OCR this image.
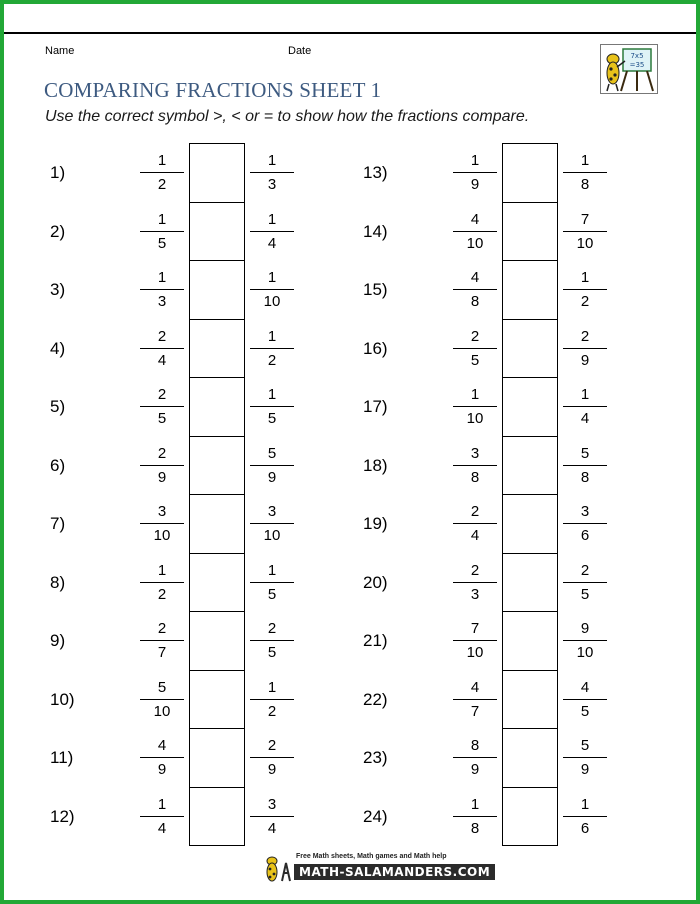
Name	Date	7x5
=35
COMPARING FRACTIONS SHEET 1
Use the correct symbol >, < or = to show how the fractions compare.
1)
1
2
1
3
2)
1
5
1
4
3)
1
3
1
10
4)
2
4
1
2
5)
2
5
1
5
6)
2
9
5
9
7)
3
10
3
10
8)
1
2
1
5
9)
2
7
2
5
10)
5
10
1
2
11)
4
9
2
9
12)
1
4
3
4
13)
1
9
1
8
14)
4
10
7
10
15)
4
8
1
2
16)
2
5
2
9
17)
1
10
1
4
18)
3
8
5
8
19)
2
4
3
6
20)
2
3
2
5
21)
7
10
9
10
22)
4
7
4
5
23)
8
9
5
9
24)
1
8
1
6
Free Math sheets, Math games and Math help
MATH-SALAMANDERS.COM
